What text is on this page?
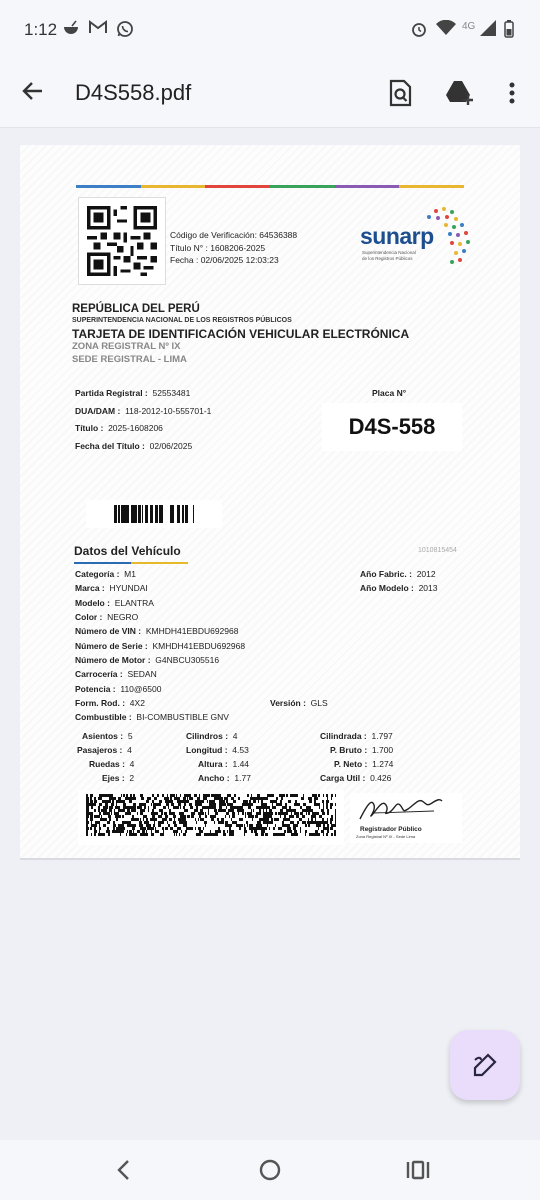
1:12	4G
D4S558.pdf
Código de Verificación: 64536388
Título N° : 1608206-2025
Fecha : 02/06/2025 12:03:23
sunarp
Superintendencia Nacional
de los Registros Públicos
REPÚBLICA DEL PERÚ
SUPERINTENDENCIA NACIONAL DE LOS REGISTROS PÚBLICOS
TARJETA DE IDENTIFICACIÓN VEHICULAR ELECTRÓNICA
ZONA REGISTRAL Nº IX
SEDE REGISTRAL - LIMA
Partida Registral : 52553481
DUA/DAM : 118-2012-10-555701-1
Título : 2025-1608206
Fecha del Título : 02/06/2025
Placa N°
D4S-558
Datos del Vehículo	1010815454
Categoría : M1
Marca : HYUNDAI
Modelo : ELANTRA
Color : NEGRO
Número de VIN : KMHDH41EBDU692968
Número de Serie : KMHDH41EBDU692968
Número de Motor : G4NBCU305516
Carrocería : SEDAN
Potencia : 110@6500
Form. Rod. : 4X2
Combustible : BI-COMBUSTIBLE GNV
Año Fabric. : 2012
Año Modelo : 2013
Versión : GLS
Asientos : 5
Pasajeros : 4
Ruedas : 4
Ejes : 2
Cilindros : 4
Longitud : 4.53
Altura : 1.44
Ancho : 1.77
Cilindrada : 1.797
P. Bruto : 1.700
P. Neto : 1.274
Carga Util : 0.426
Registrador Público
Zona Registral Nº IX - Sede Lima
